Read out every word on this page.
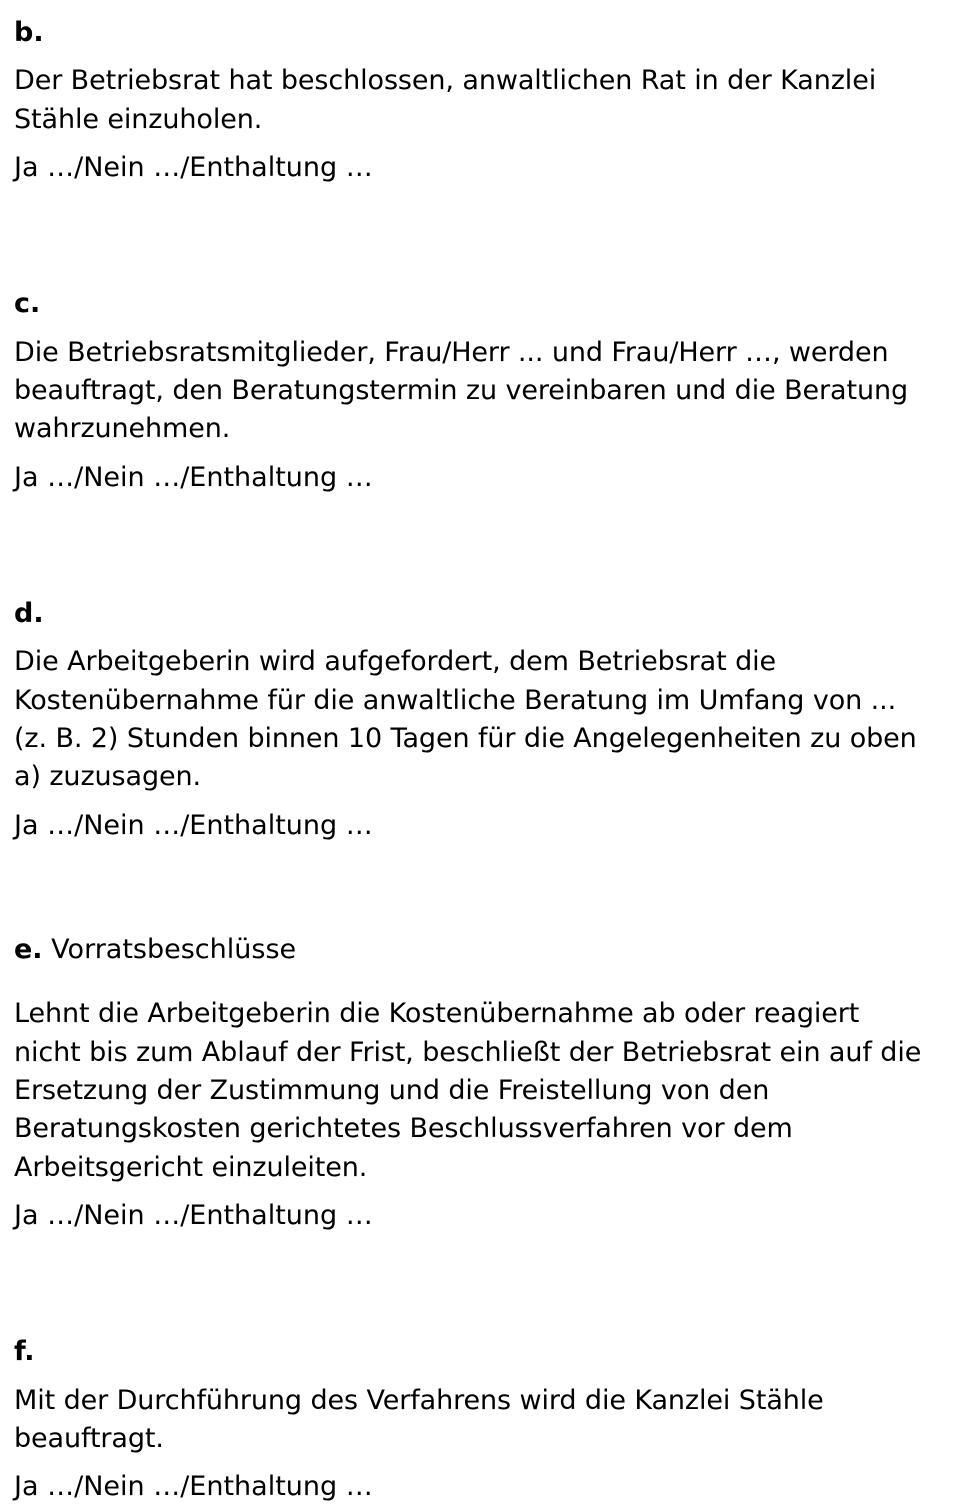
b.

Der Betriebsrat hat beschlossen, anwaltlichen Rat in der Kanzlei Stähle einzuholen.

Ja …/Nein …/Enthaltung …

c.

Die Betriebsratsmitglieder, Frau/Herr ... und Frau/Herr …, werden beauftragt, den Beratungstermin zu vereinbaren und die Beratung wahrzunehmen.

Ja …/Nein …/Enthaltung …

d.

Die Arbeitgeberin wird aufgefordert, dem Betriebsrat die Kostenübernahme für die anwaltliche Beratung im Umfang von ... (z. B. 2) Stunden binnen 10 Tagen für die Angelegenheiten zu oben a) zuzusagen.

Ja …/Nein …/Enthaltung …

e. Vorratsbeschlüsse

Lehnt die Arbeitgeberin die Kostenübernahme ab oder reagiert nicht bis zum Ablauf der Frist, beschließt der Betriebsrat ein auf die Ersetzung der Zustimmung und die Freistellung von den Beratungskosten gerichtetes Beschlussverfahren vor dem Arbeitsgericht einzuleiten.

Ja …/Nein …/Enthaltung …

f.

Mit der Durchführung des Verfahrens wird die Kanzlei Stähle beauftragt.

Ja …/Nein …/Enthaltung …
